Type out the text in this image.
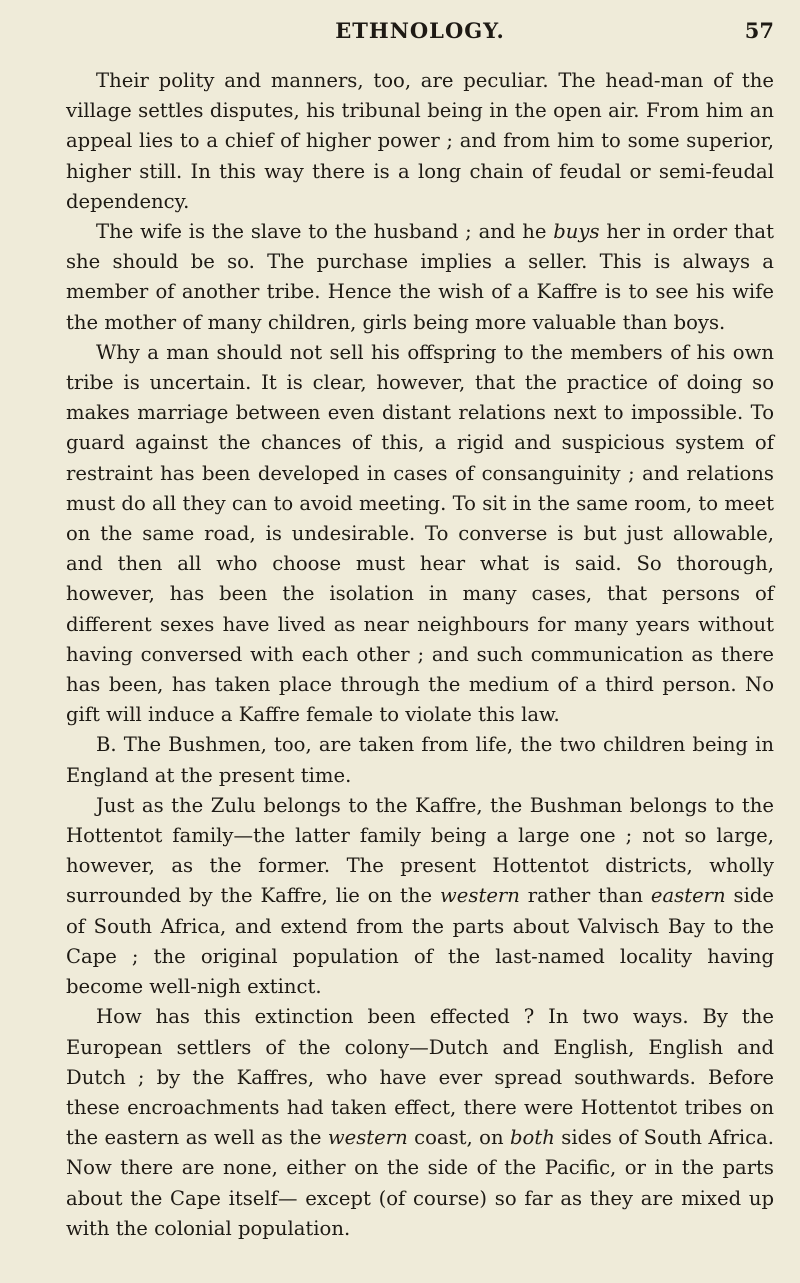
ETHNOLOGY.	57

Their polity and manners, too, are peculiar. The head-man of the village settles disputes, his tribunal being in the open air. From him an appeal lies to a chief of higher power ; and from him to some superior, higher still. In this way there is a long chain of feudal or semi-feudal dependency.

The wife is the slave to the husband ; and he buys her in order that she should be so. The purchase implies a seller. This is always a member of another tribe. Hence the wish of a Kaffre is to see his wife the mother of many children, girls being more valuable than boys.

Why a man should not sell his offspring to the members of his own tribe is uncertain. It is clear, however, that the practice of doing so makes marriage between even distant relations next to impossible. To guard against the chances of this, a rigid and suspicious system of restraint has been developed in cases of consanguinity ; and relations must do all they can to avoid meeting. To sit in the same room, to meet on the same road, is undesirable. To converse is but just allowable, and then all who choose must hear what is said. So thorough, however, has been the isolation in many cases, that persons of different sexes have lived as near neighbours for many years without having conversed with each other ; and such communication as there has been, has taken place through the medium of a third person. No gift will induce a Kaffre female to violate this law.

B. The Bushmen, too, are taken from life, the two children being in England at the present time.

Just as the Zulu belongs to the Kaffre, the Bushman belongs to the Hottentot family—the latter family being a large one ; not so large, however, as the former. The present Hottentot districts, wholly surrounded by the Kaffre, lie on the western rather than eastern side of South Africa, and extend from the parts about Valvisch Bay to the Cape ; the original population of the last-named locality having become well-nigh extinct.

How has this extinction been effected ? In two ways. By the European settlers of the colony—Dutch and English, English and Dutch ; by the Kaffres, who have ever spread southwards. Before these encroachments had taken effect, there were Hottentot tribes on the eastern as well as the western coast, on both sides of South Africa. Now there are none, either on the side of the Pacific, or in the parts about the Cape itself— except (of course) so far as they are mixed up with the colonial population.
